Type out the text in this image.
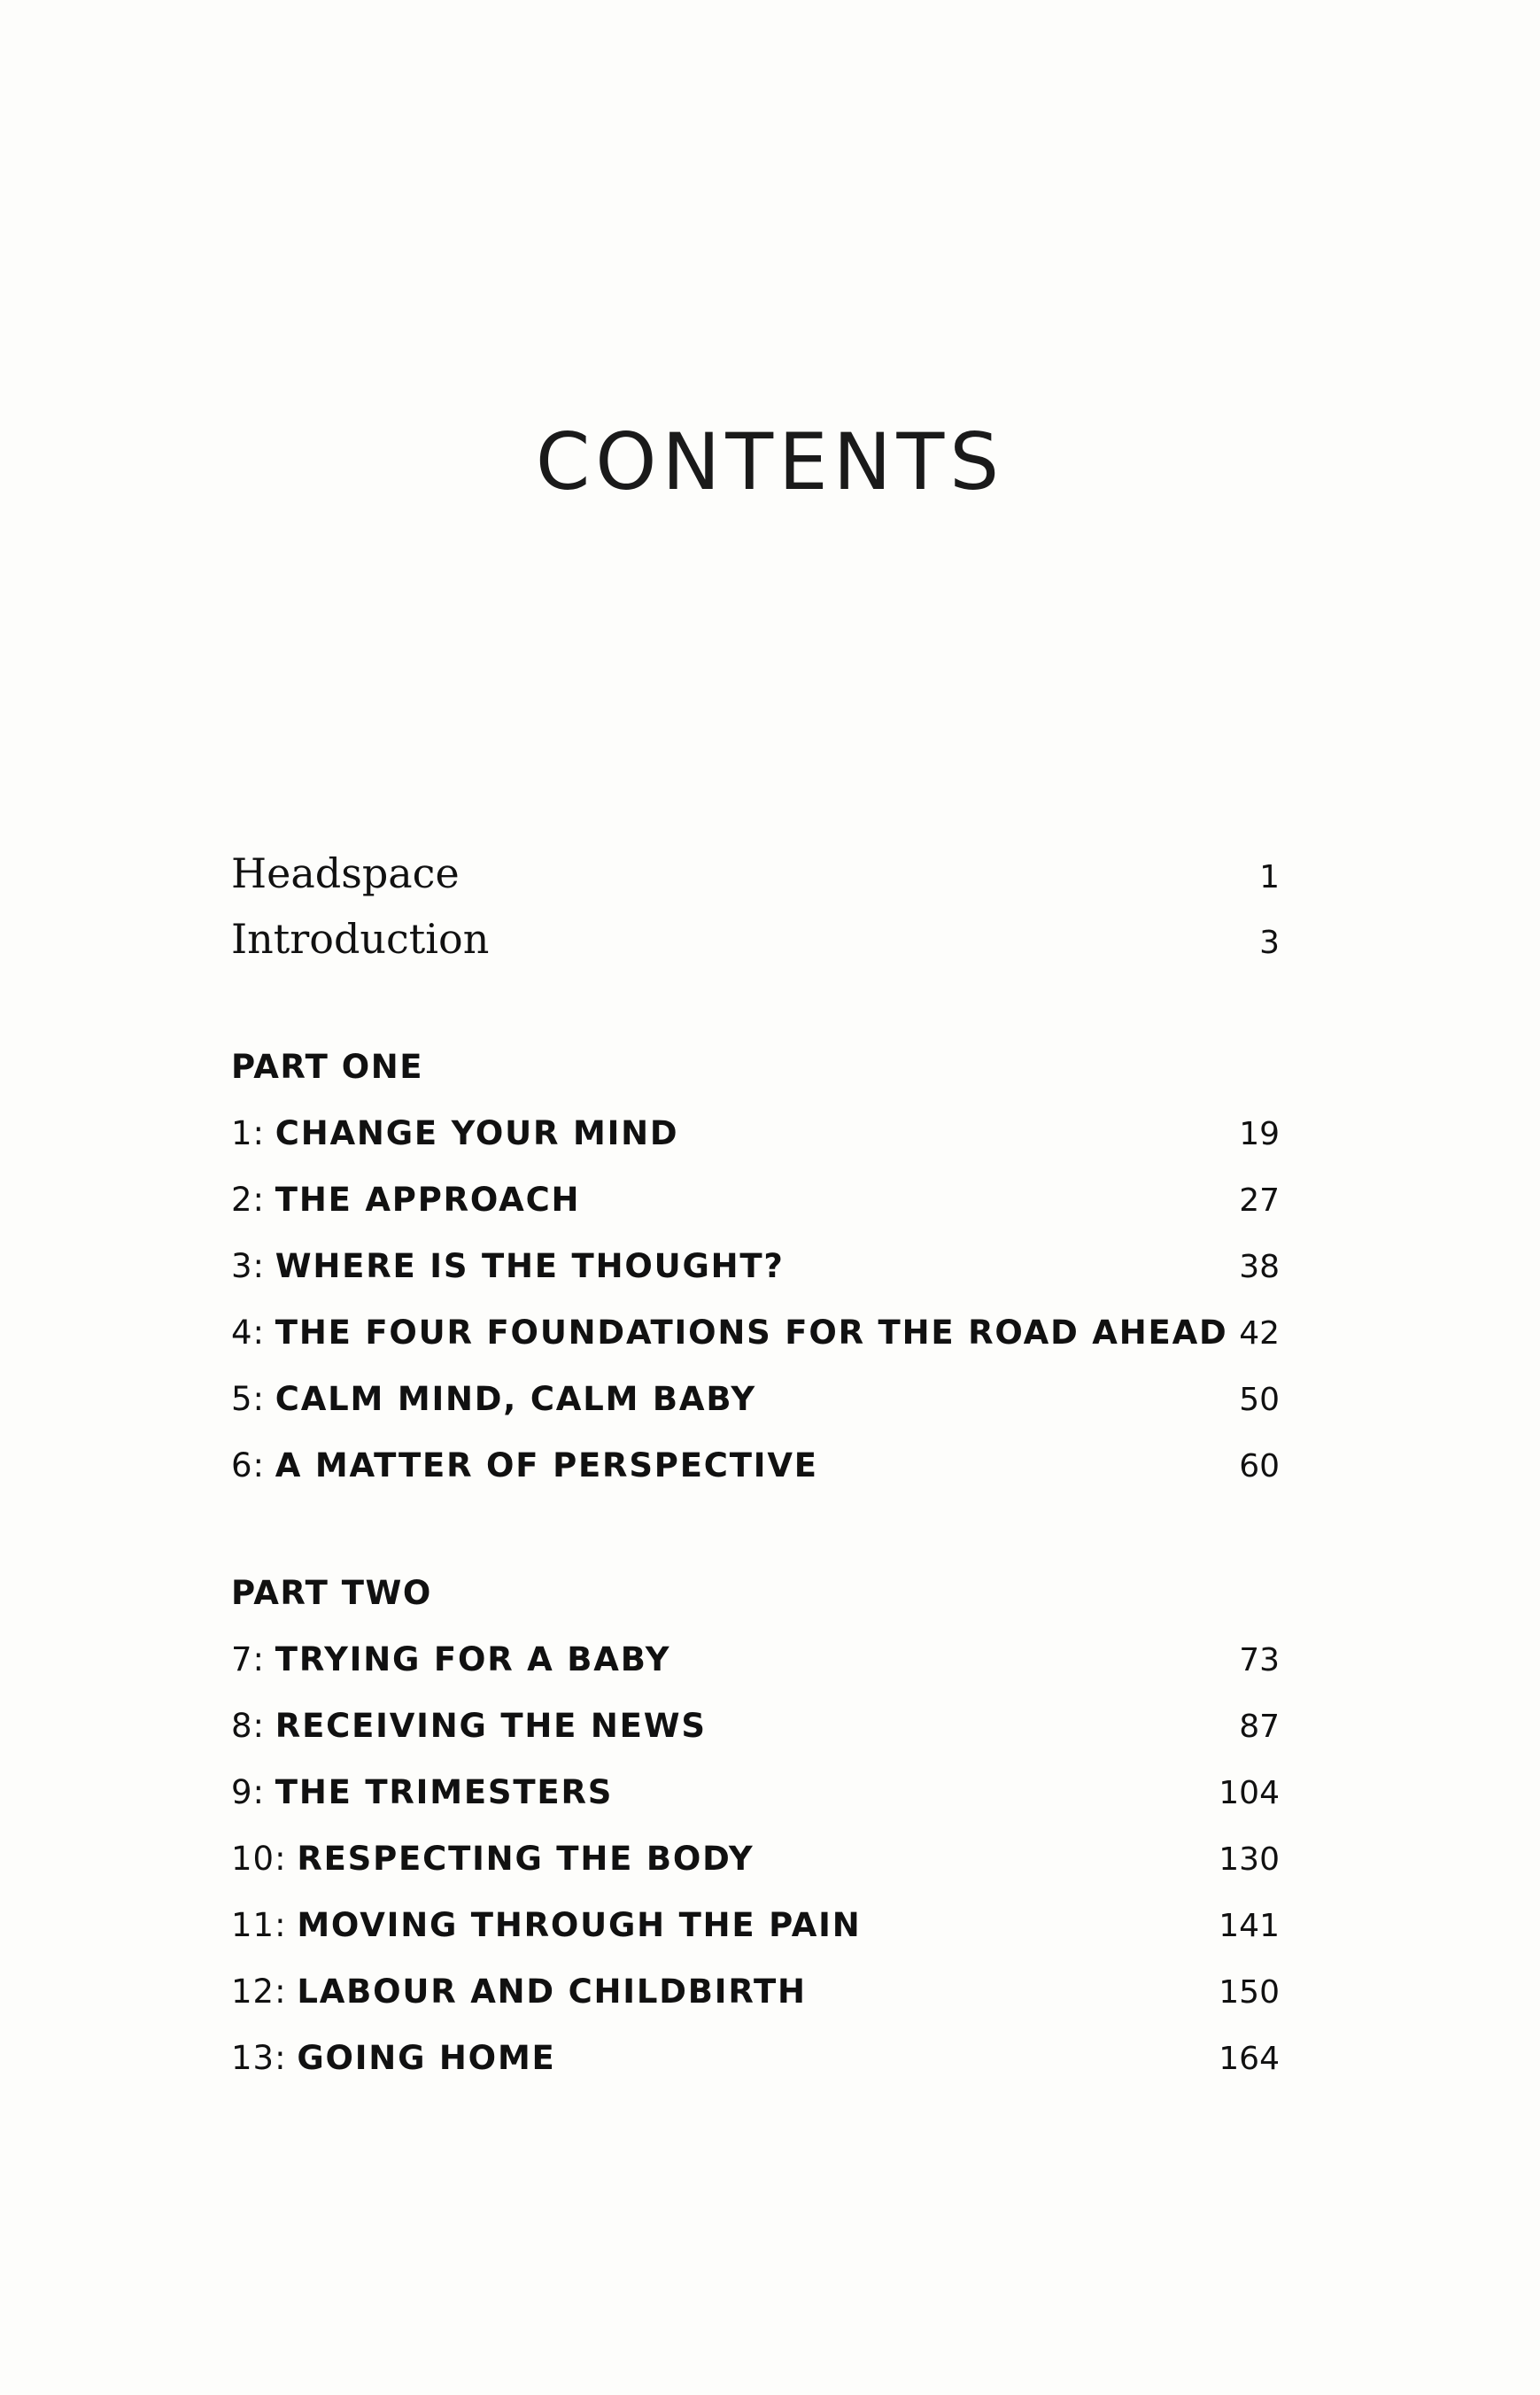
CONTENTS
Headspace	1
Introduction	3
PART ONE
1: CHANGE YOUR MIND	19
2: THE APPROACH	27
3: WHERE IS THE THOUGHT?	38
4: THE FOUR FOUNDATIONS FOR THE ROAD AHEAD 42
5: CALM MIND, CALM BABY	50
6: A MATTER OF PERSPECTIVE	60
PART TWO
7: TRYING FOR A BABY	73
8: RECEIVING THE NEWS	87
9: THE TRIMESTERS	104
10: RESPECTING THE BODY	130
11: MOVING THROUGH THE PAIN	141
12: LABOUR AND CHILDBIRTH	150
13: GOING HOME	164
